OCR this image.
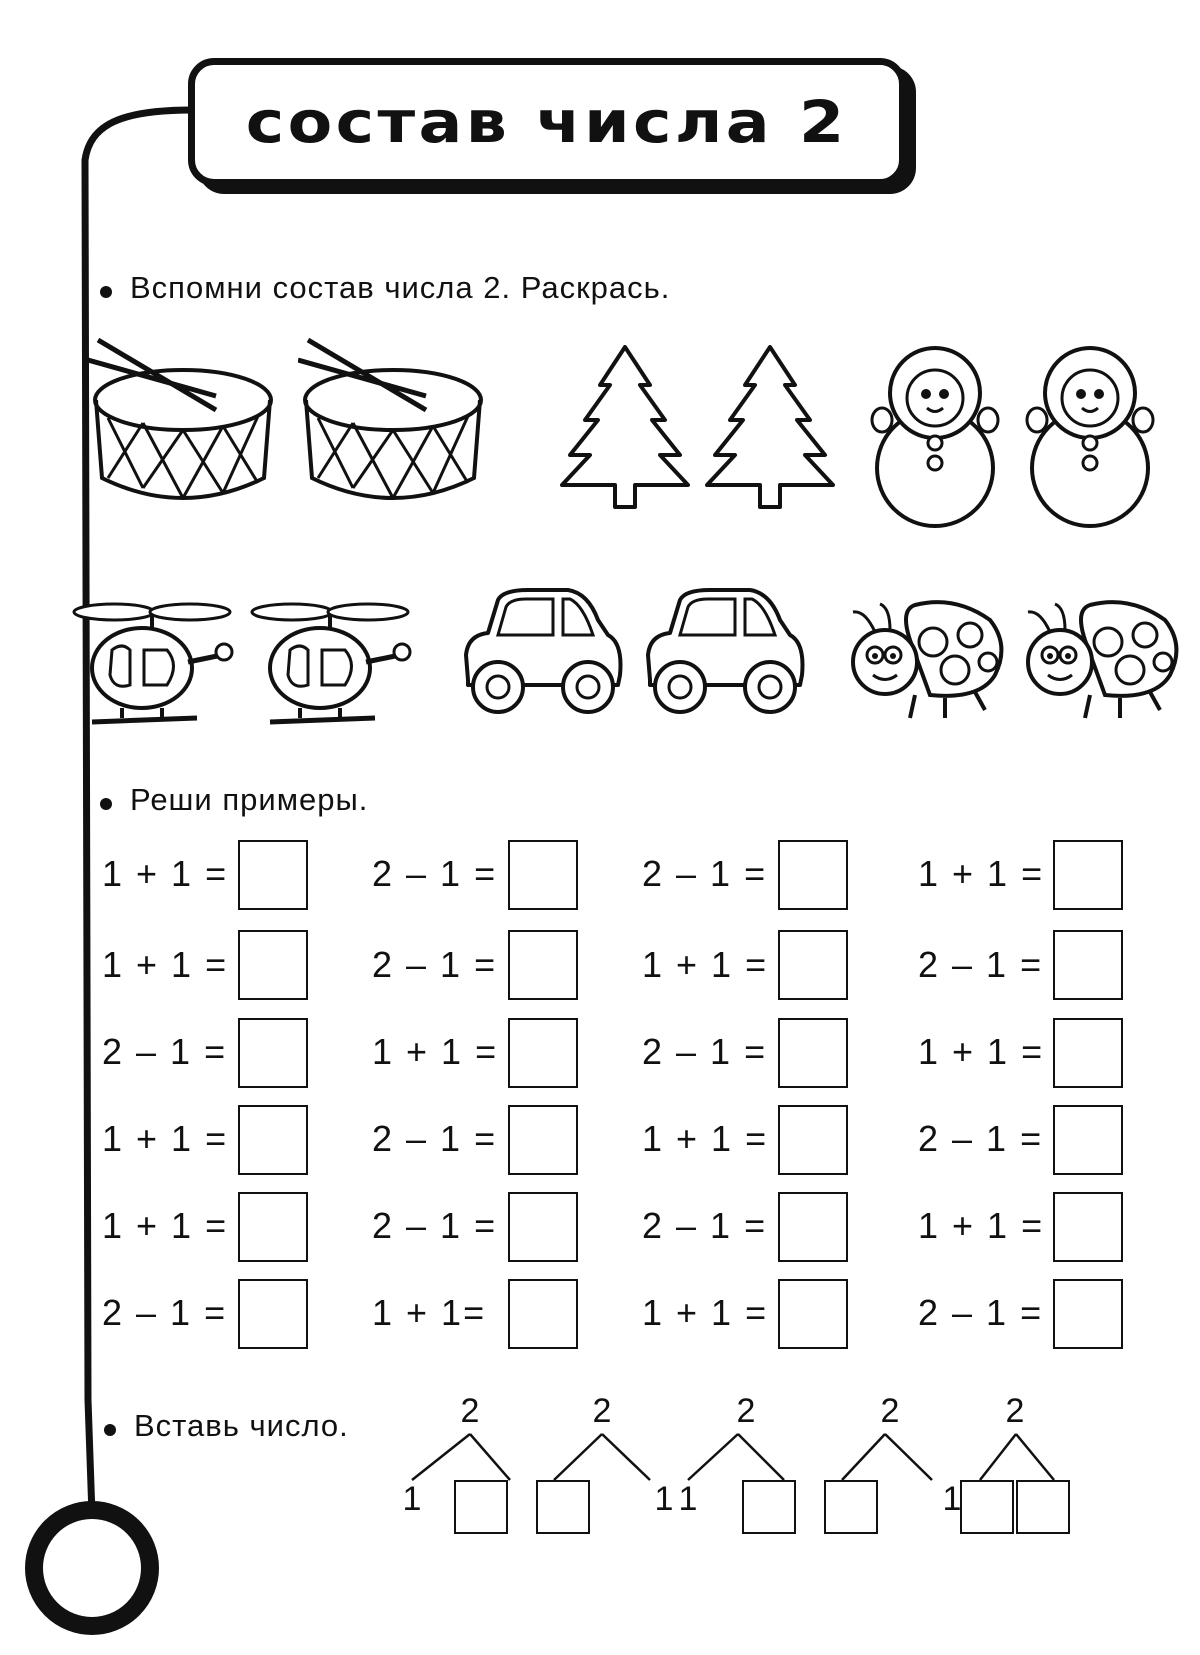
состав числа 2
Вспомни состав числа 2. Раскрась.
Реши примеры.
1 + 1 =	2 – 1 =	2 – 1 =	1 + 1 =
1 + 1 =	2 – 1 =	1 + 1 =	2 – 1 =
2 – 1 =	1 + 1 =	2 – 1 =	1 + 1 =
1 + 1 =	2 – 1 =	1 + 1 =	2 – 1 =
1 + 1 =	2 – 1 =	2 – 1 =	1 + 1 =
2 – 1 =	1 + 1=	1 + 1 =	2 – 1 =
Вставь число.	2
1
2
1
2
1
2
1
2
